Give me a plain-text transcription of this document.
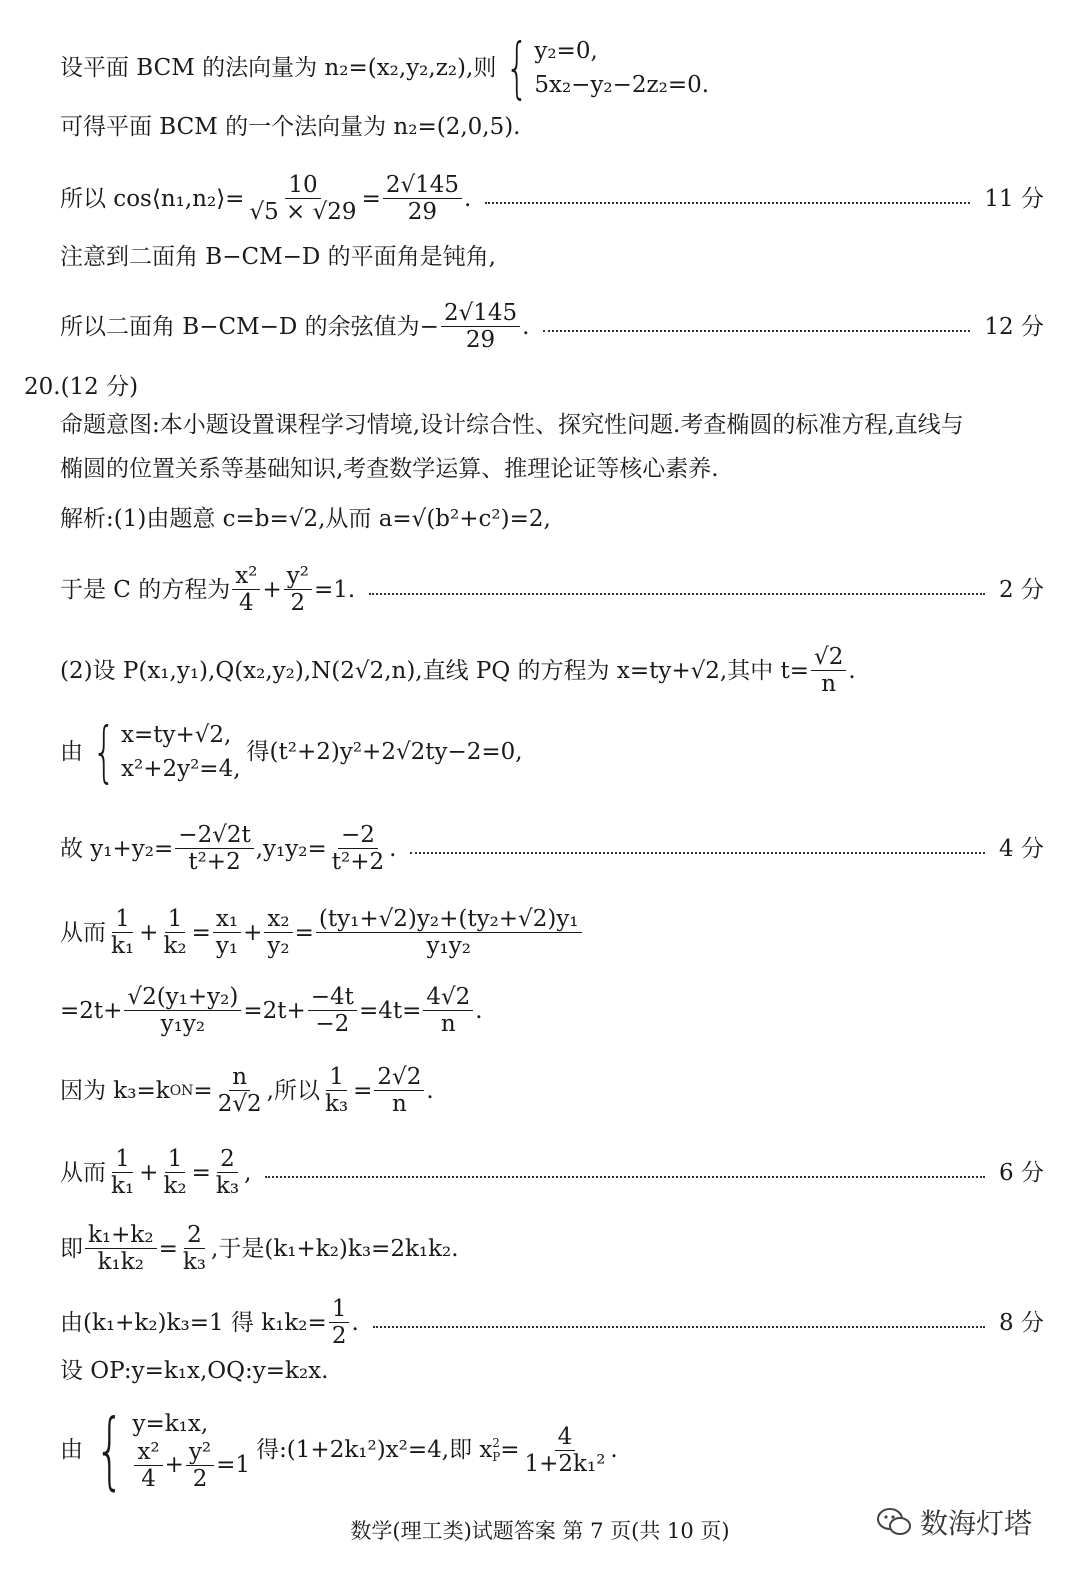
设平面 BCM 的法向量为 n₂=(x₂,y₂,z₂),则 { y₂=0,
5x₂−y₂−2z₂=0.
可得平面 BCM 的一个法向量为 n₂=(2,0,5).
所以 cos⟨n₁,n₂⟩= $\frac{10}{√5 \times √29} = \frac{2√145}{29}$ .	11 分
注意到二面角 B−CM−D 的平面角是钝角,
所以二面角 B−CM−D 的余弦值为− $\frac{2√145}{29}$ .	12 分
20.(12 分)
命题意图:本小题设置课程学习情境,设计综合性、探究性问题.考查椭圆的标准方程,直线与
椭圆的位置关系等基础知识,考查数学运算、推理论证等核心素养.
解析:(1)由题意 c=b=√2,从而 a=√(b²+c²)=2,
于是 C 的方程为 $\frac{\text{x²}}{4} + \frac{\text{y²}}{2} =1$.	2 分
(2)设 P(x₁,y₁),Q(x₂,y₂),N(2√2,n),直线 PQ 的方程为 x=ty+√2,其中 $t= \frac{√2}{n}$ .
由 { x=ty+√2,
x²+2y²=4,
得(t²+2)y²+2√2ty−2=0,
故 $y_1+y_2= \frac{-2√2t}{\text{t²+2}} ,y_1y_2= \frac{-2}{\text{t²+2}}$ .	4 分
从而 $\frac{1}{\text{k₁}} + \frac{1}{\text{k₂}} = \frac{\text{x₁}}{\text{y₁}} + \frac{\text{x₂}}{\text{y₂}} = \frac{\text{(ty₁+√2)y₂+(ty₂+√2)y₁}}{\text{y₁y₂}}$
$=2t+ \frac{\text{√2(y₁+y₂)}}{\text{y₁y₂}} =2t+ \frac{-4t}{-2} =4t= \frac{4√2}{n}$ .
因为 k₃=k ON = $\frac{n}{2√2}$ ,所以 $\frac{1}{\text{k₃}} = \frac{2√2}{n}$ .
从而 $\frac{1}{\text{k₁}} + \frac{1}{\text{k₂}} = \frac{2}{\text{k₃}}$ ,	6 分
即 $\frac{\text{k₁+k₂}}{\text{k₁k₂}} = \frac{2}{\text{k₃}}$ ,于是(k₁+k₂)k₃=2k₁k₂.
由(k₁+k₂)k₃=1 得 $k_1k_2= \frac{1}{2}$ .	8 分
设 OP:y=k₁x,OQ:y=k₂x.
由 { y=k₁x,
$\frac{\text{x²}}{4} + \frac{\text{y²}}{2} =1$
得:(1+2k₁²)x²=4,即 x 2
$P = \frac{4}{\text{1+2k₁²}}$ .
数学(理工类)试题答案 第 7 页(共 10 页)	数海灯塔
